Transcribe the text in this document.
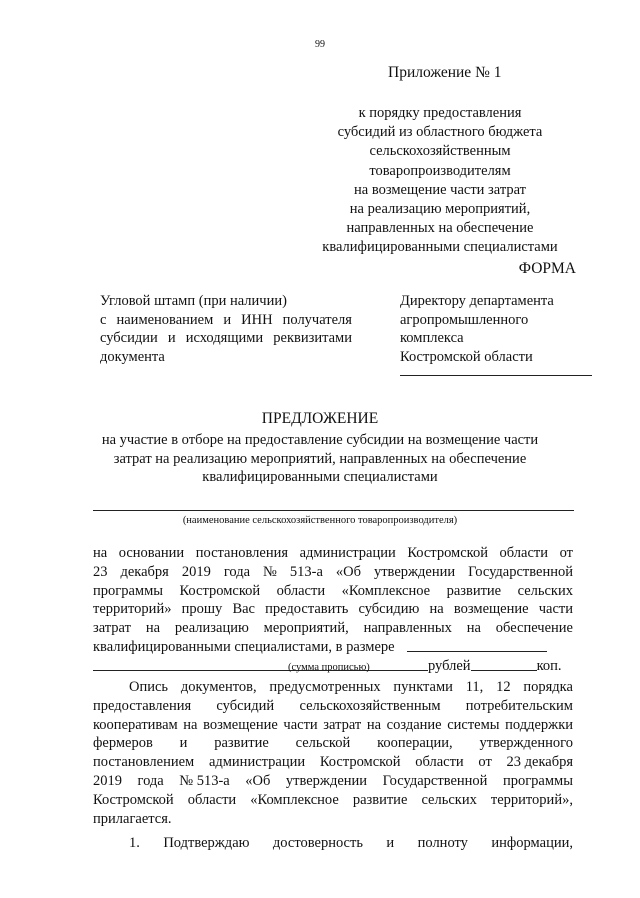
99
Приложение № 1
к порядку предоставления
субсидий из областного бюджета
сельскохозяйственным
товаропроизводителям
на возмещение части затрат
на реализацию мероприятий,
направленных на обеспечение
квалифицированными специалистами
ФОРМА
Угловой штамп (при наличии)
с наименованием и ИНН получателя
субсидии и исходящими реквизитами
документа
Директору департамента
агропромышленного
комплекса
Костромской области
ПРЕДЛОЖЕНИЕ
на участие в отборе на предоставление субсидии на возмещение части
затрат на реализацию мероприятий, направленных на обеспечение
квалифицированными специалистами
(наименование сельскохозяйственного товаропроизводителя)
на основании постановления администрации Костромской области от
23 декабря 2019 года № 513-а «Об утверждении Государственной
программы Костромской области «Комплексное развитие сельских
территорий» прошу Вас предоставить субсидию на возмещение части
затрат на реализацию мероприятий, направленных на обеспечение
квалифицированными специалистами, в размере
рублей	коп.
(сумма прописью)
Опись документов, предусмотренных пунктами 11, 12 порядка
предоставления субсидий сельскохозяйственным потребительским
кооперативам на возмещение части затрат на создание системы поддержки
фермеров и развитие сельской кооперации, утвержденного
постановлением администрации Костромской области от 23 декабря
2019 года № 513-а «Об утверждении Государственной программы
Костромской области «Комплексное развитие сельских территорий»,
прилагается.
1. Подтверждаю достоверность и полноту информации,
